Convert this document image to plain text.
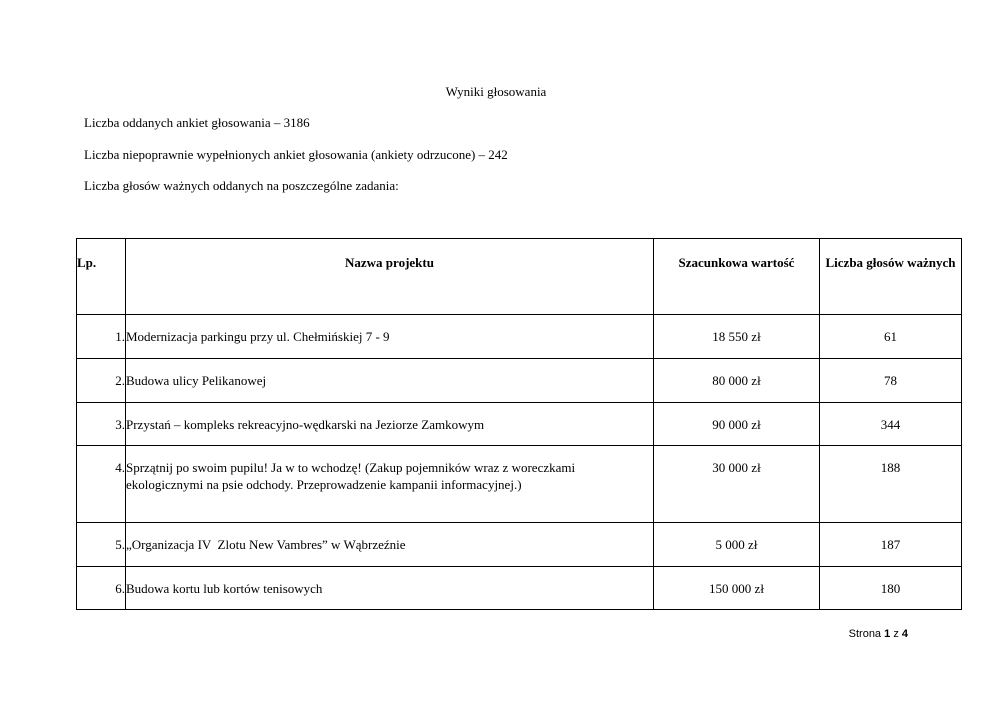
Wyniki głosowania
Liczba oddanych ankiet głosowania – 3186
Liczba niepoprawnie wypełnionych ankiet głosowania (ankiety odrzucone) – 242
Liczba głosów ważnych oddanych na poszczególne zadania:
Lp.	Nazwa projektu	Szacunkowa wartość	Liczba głosów ważnych
1.	Modernizacja parkingu przy ul. Chełmińskiej 7 - 9	18 550 zł	61
2.	Budowa ulicy Pelikanowej	80 000 zł	78
3.	Przystań – kompleks rekreacyjno-wędkarski na Jeziorze Zamkowym	90 000 zł	344
4.	Sprzątnij po swoim pupilu! Ja w to wchodzę! (Zakup pojemników wraz z woreczkami ekologicznymi na psie odchody. Przeprowadzenie kampanii informacyjnej.)	30 000 zł	188
5.	„Organizacja IV  Zlotu New Vambres” w Wąbrzeźnie	5 000 zł	187
6.	Budowa kortu lub kortów tenisowych	150 000 zł	180
Strona 1 z 4
